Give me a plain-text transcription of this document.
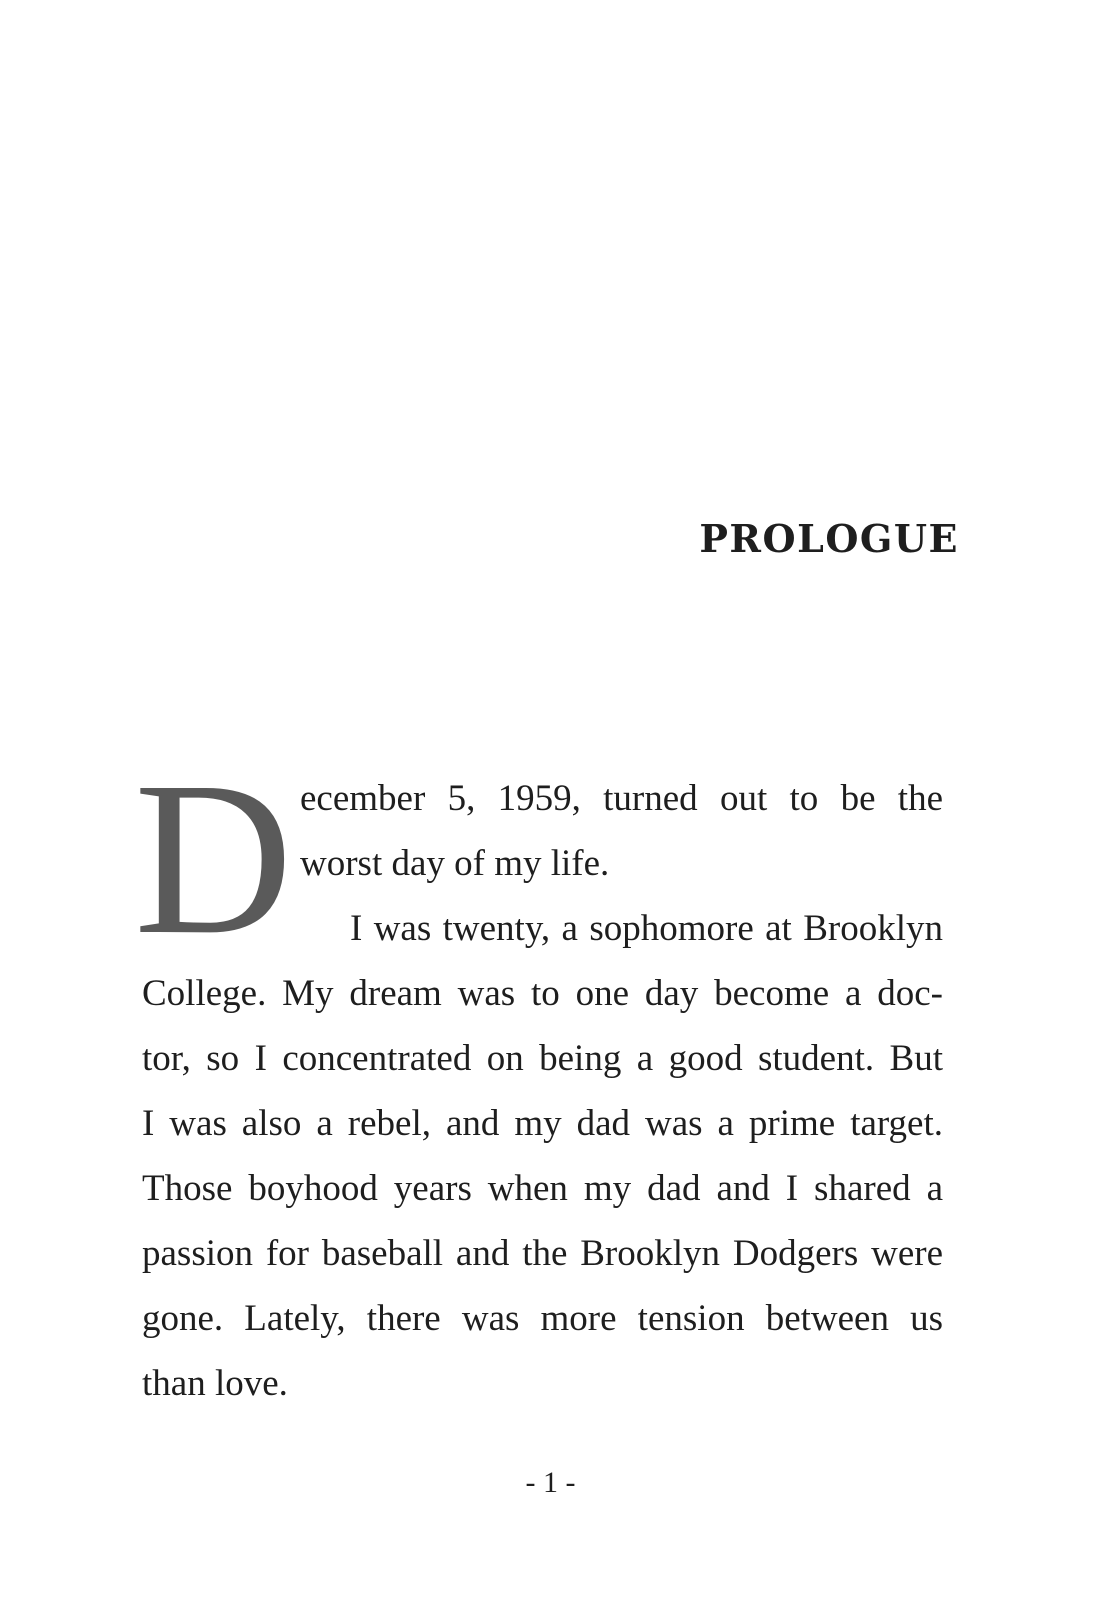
PROLOGUE
D ecember 5, 1959, turned out to be the

worst day of my life.

I was twenty, a sophomore at Brooklyn

College. My dream was to one day become a doc-

tor, so I concentrated on being a good student. But

I was also a rebel, and my dad was a prime target.

Those boyhood years when my dad and I shared a

passion for baseball and the Brooklyn Dodgers were

gone. Lately, there was more tension between us

than love.

- 1 -
